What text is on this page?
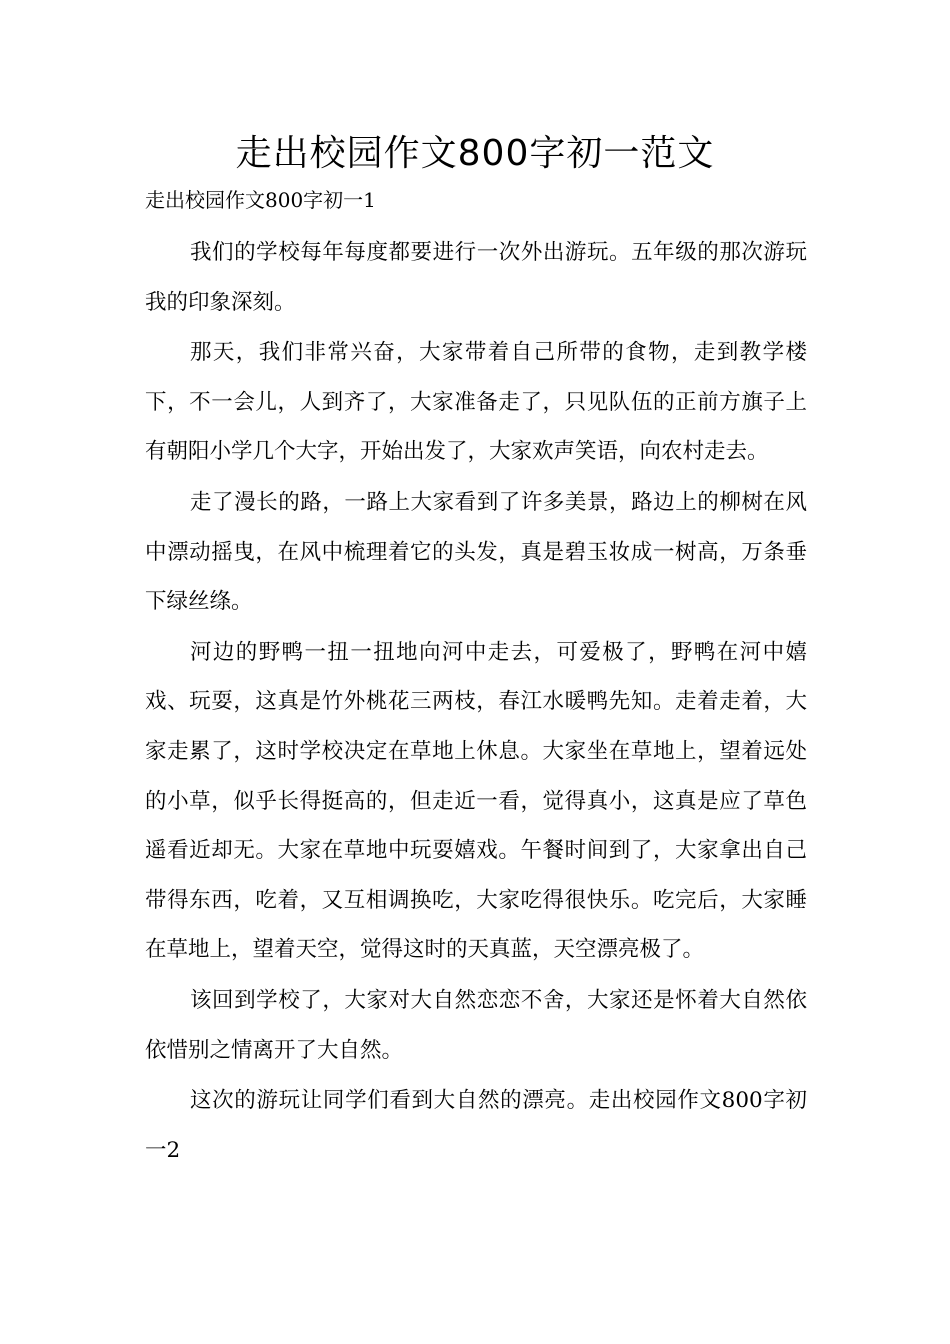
走出校园作文800字初一范文

走出校园作文800字初一1

我们的学校每年每度都要进行一次外出游玩。五年级的那次游玩我的印象深刻。

那天，我们非常兴奋，大家带着自己所带的食物，走到教学楼下，不一会儿，人到齐了，大家准备走了，只见队伍的正前方旗子上有朝阳小学几个大字，开始出发了，大家欢声笑语，向农村走去。

走了漫长的路，一路上大家看到了许多美景，路边上的柳树在风中漂动摇曳，在风中梳理着它的头发，真是碧玉妆成一树高，万条垂下绿丝绦。

河边的野鸭一扭一扭地向河中走去，可爱极了，野鸭在河中嬉戏、玩耍，这真是竹外桃花三两枝，春江水暖鸭先知。走着走着，大家走累了，这时学校决定在草地上休息。大家坐在草地上，望着远处的小草，似乎长得挺高的，但走近一看，觉得真小，这真是应了草色遥看近却无。大家在草地中玩耍嬉戏。午餐时间到了，大家拿出自己带得东西，吃着，又互相调换吃，大家吃得很快乐。吃完后，大家睡在草地上，望着天空，觉得这时的天真蓝，天空漂亮极了。

该回到学校了，大家对大自然恋恋不舍，大家还是怀着大自然依依惜别之情离开了大自然。

这次的游玩让同学们看到大自然的漂亮。走出校园作文800字初一2
